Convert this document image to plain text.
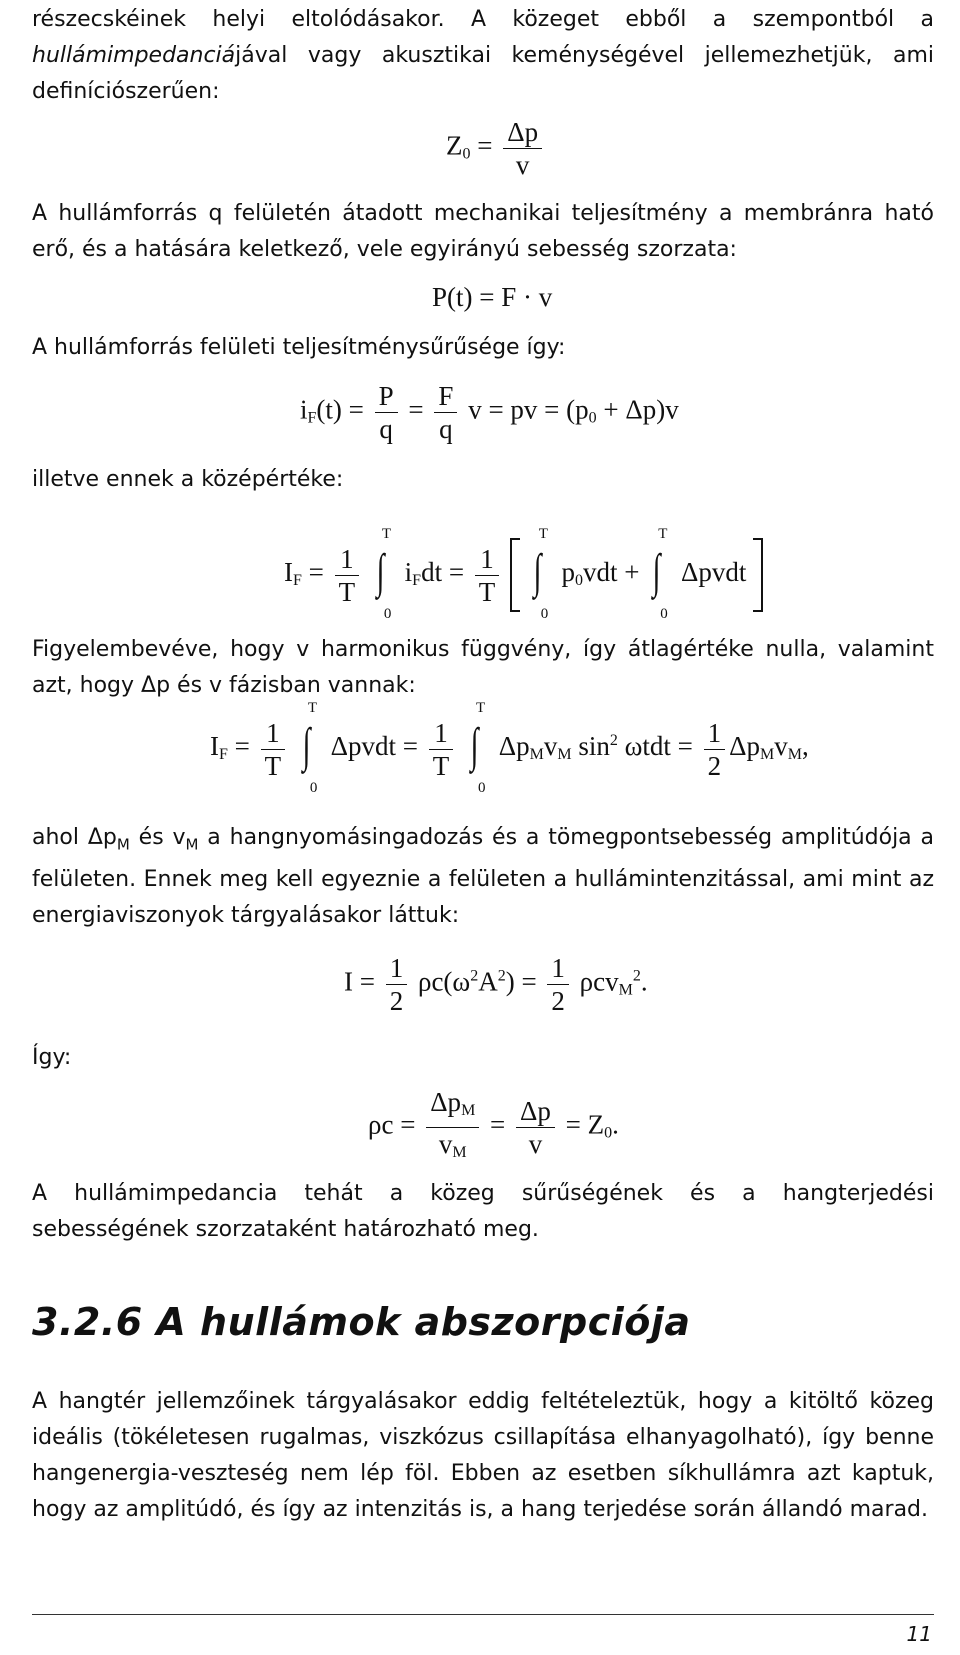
részecskéinek helyi eltolódásakor. A közeget ebből a szempontból a hullámimpedanciájával vagy akusztikai keménységével jellemezhetjük, ami definíciószerűen:

$Z_0 = \frac{\Delta p}{v}$

A hullámforrás q felületén átadott mechanikai teljesítmény a membránra ható erő, és a hatására keletkező, vele egyirányú sebesség szorzata:

P(t) = F · v

A hullámforrás felületi teljesítménysűrűsége így:

$i_F(t) = \frac{P}{q} = \frac{F}{q}$ v = pv = $(p_0 + \Delta p)v$

illetve ennek a középértéke:

$I_F = \frac{1}{T}$

T
∫
0
$i_Fdt = \frac{1}{T}$

T
∫
0
$p_0vdt$ +
T
∫
0
Δpvdt

Figyelembevéve, hogy v harmonikus függvény, így átlagértéke nulla, valamint azt, hogy Δp és v fázisban vannak:

$I_F = \frac{1}{T}$

T
∫
0
Δpvdt = $\frac{1}{T}$

T
∫
0
$\Delta p_Mv_M$ $\sin^2 \omega tdt = \frac{1}{2} \Delta p_Mv_M$,

ahol $\Delta p_M$ és $v_M$ a hangnyomásingadozás és a tömegpontsebesség amplitúdója a felületen. Ennek meg kell egyeznie a felületen a hullámintenzitással, ami mint az energiaviszonyok tárgyalásakor láttuk:

$I = \frac{1}{2} \rho c(\omega^2A^2) = \frac{1}{2} \rho cv_M^2$.
Így:
$\rho c = \frac{\Delta p_M}{v_M} = \frac{\Delta p}{v} = Z_0$.

A hullámimpedancia tehát a közeg sűrűségének és a hangterjedési sebességének szorzataként határozható meg.

3.2.6 A hullámok abszorpciója

A hangtér jellemzőinek tárgyalásakor eddig feltételeztük, hogy a kitöltő közeg ideális (tökéletesen rugalmas, viszkózus csillapítása elhanyagolható), így benne hangenergia-veszteség nem lép föl. Ebben az esetben síkhullámra azt kaptuk, hogy az amplitúdó, és így az intenzitás is, a hang terjedése során állandó marad.

11
